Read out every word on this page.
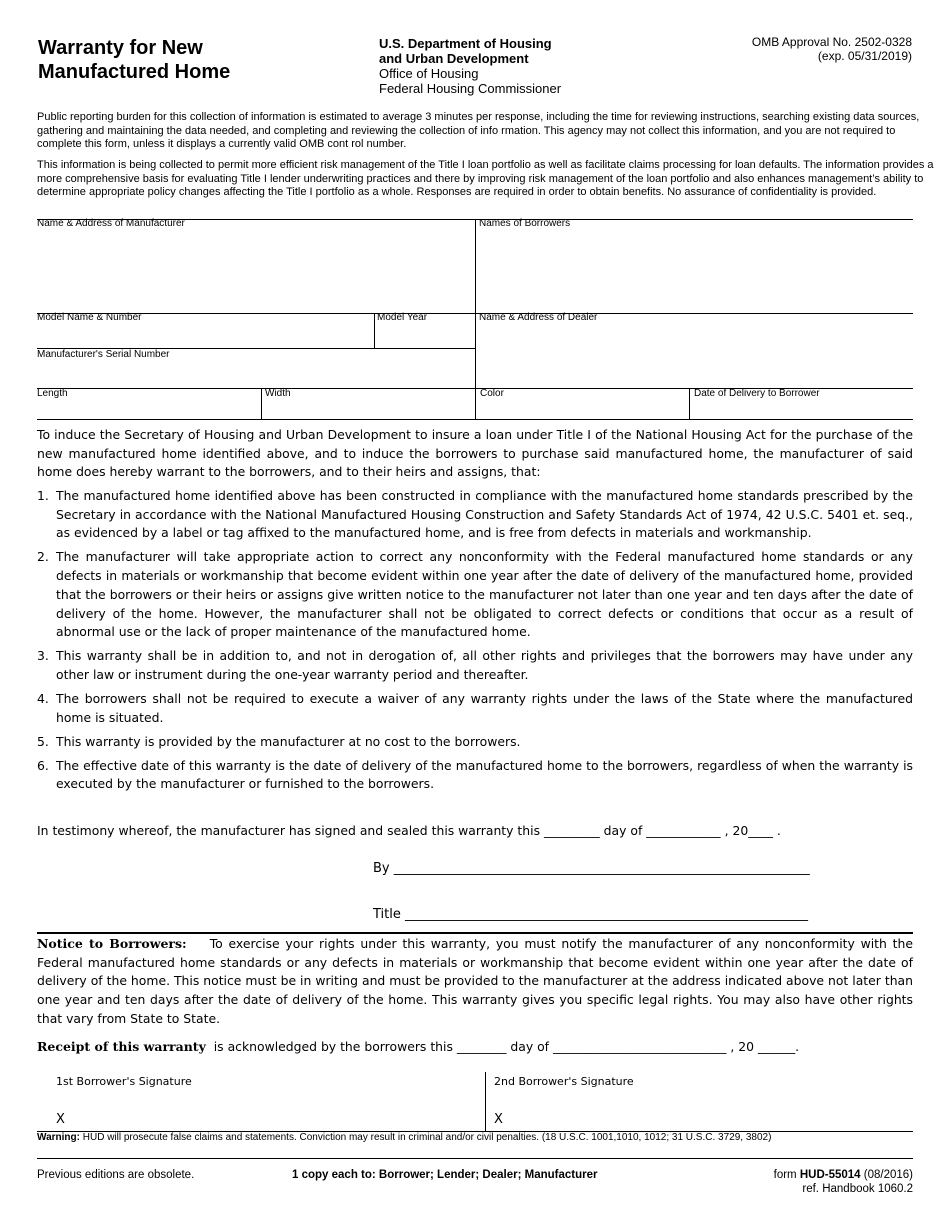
Warranty for New
Manufactured Home
U.S. Department of Housing
and Urban Development
Office of Housing
Federal Housing Commissioner
OMB Approval No. 2502-0328
(exp. 05/31/2019)
Public reporting burden for this collection of information is estimated to average 3 minutes per response, including the time for reviewing instructions, searching existing data sources, gathering and maintaining the data needed, and completing and reviewing the collection of info rmation. This agency may not collect this information, and you are not required to complete this form, unless it displays a currently valid OMB cont rol number.
This information is being collected to permit more efficient risk management of the Title I loan portfolio as well as facilitate claims processing for loan defaults. The information provides a more comprehensive basis for evaluating Title I lender underwriting practices and there by improving risk management of the loan portfolio and also enhances management’s ability to determine appropriate policy changes affecting the Title I portfolio as a whole. Responses are required in order to obtain benefits. No assurance of confidentiality is provided.
Name & Address of Manufacturer	Names of Borrowers
Model Name & Number	Model Year	Name & Address of Dealer
Manufacturer's Serial Number
Length	Width	Color	Date of Delivery to Borrower
To induce the Secretary of Housing and Urban Development to insure a loan under Title I of the National Housing Act for the purchase of the new manufactured home identified above, and to induce the borrowers to purchase said manufactured home, the manufacturer of said home does hereby warrant to the borrowers, and to their heirs and assigns, that:
1. The manufactured home identified above has been constructed in compliance with the manufactured home standards prescribed by the Secretary in accordance with the National Manufactured Housing Construction and Safety Standards Act of 1974, 42 U.S.C. 5401 et. seq., as evidenced by a label or tag affixed to the manufactured home, and is free from defects in materials and workmanship.
2. The manufacturer will take appropriate action to correct any nonconformity with the Federal manufactured home standards or any defects in materials or workmanship that become evident within one year after the date of delivery of the manufactured home, provided that the borrowers or their heirs or assigns give written notice to the manufacturer not later than one year and ten days after the date of delivery of the home. However, the manufacturer shall not be obligated to correct defects or conditions that occur as a result of abnormal use or the lack of proper maintenance of the manufactured home.
3. This warranty shall be in addition to, and not in derogation of, all other rights and privileges that the borrowers may have under any other law or instrument during the one-year warranty period and thereafter.
4. The borrowers shall not be required to execute a waiver of any warranty rights under the laws of the State where the manufactured home is situated.
5. This warranty is provided by the manufacturer at no cost to the borrowers.
6. The effective date of this warranty is the date of delivery of the manufactured home to the borrowers, regardless of when the warranty is executed by the manufacturer or furnished to the borrowers.
In testimony whereof, the manufacturer has signed and sealed this warranty this _________ day of ____________ , 20____ .
By ________________________________________________________________
Title ______________________________________________________________
Notice to Borrowers: To exercise your rights under this warranty, you must notify the manufacturer of any nonconformity with the Federal manufactured home standards or any defects in materials or workmanship that become evident within one year after the date of delivery of the home. This notice must be in writing and must be provided to the manufacturer at the address indicated above not later than one year and ten days after the date of delivery of the home. This warranty gives you specific legal rights. You may also have other rights that vary from State to State.
Receipt of this warranty is acknowledged by the borrowers this ________ day of ____________________________ , 20 ______.
1st Borrower's Signature
X
2nd Borrower's Signature
X
Warning: HUD will prosecute false claims and statements. Conviction may result in criminal and/or civil penalties. (18 U.S.C. 1001,1010, 1012; 31 U.S.C. 3729, 3802)
Previous editions are obsolete.	1 copy each to: Borrower; Lender; Dealer; Manufacturer	form HUD-55014 (08/2016)
ref. Handbook 1060.2
